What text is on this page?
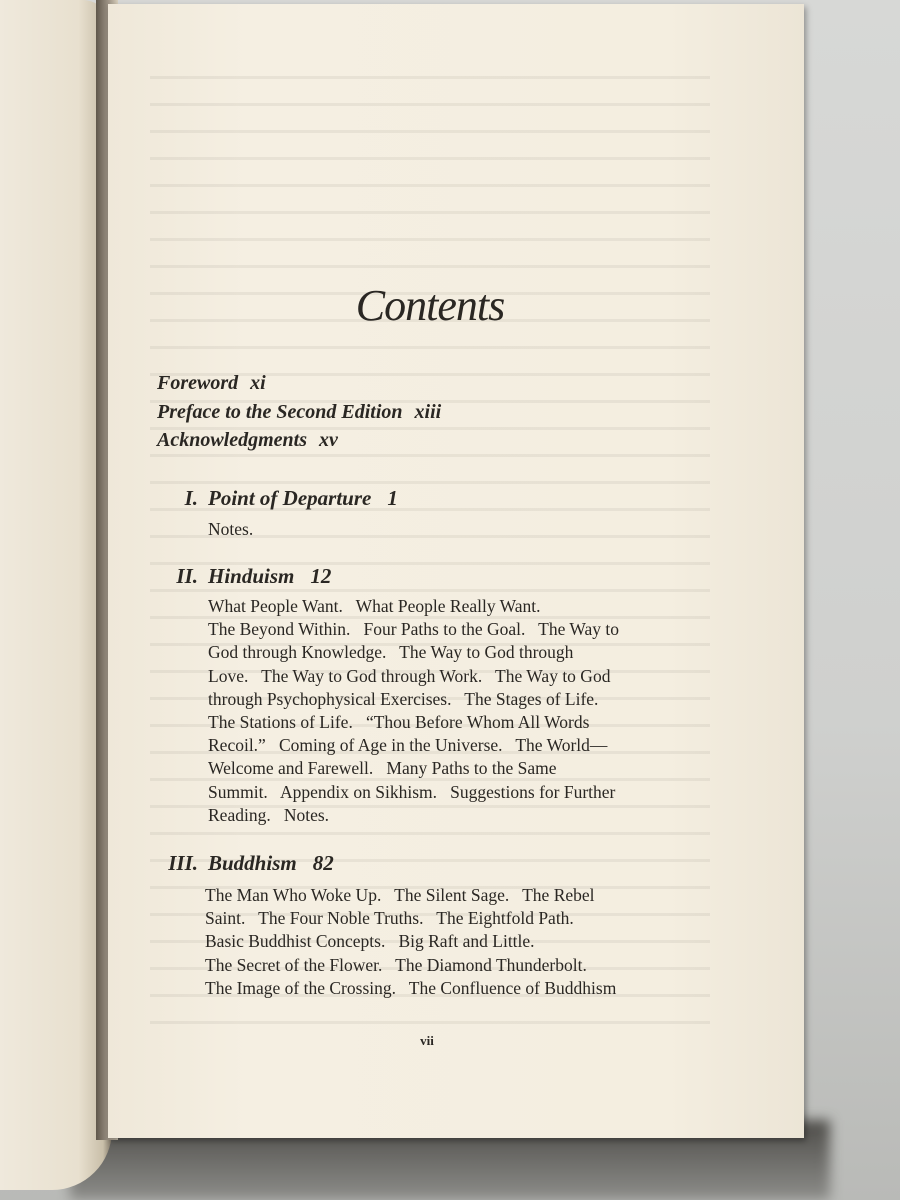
Contents
Foreword xi
Preface to the Second Edition xiii
Acknowledgments xv
I. Point of Departure 1
Notes.
II. Hinduism 12
What People Want.   What People Really Want.
The Beyond Within.   Four Paths to the Goal.   The Way to
God through Knowledge.   The Way to God through
Love.   The Way to God through Work.   The Way to God
through Psychophysical Exercises.   The Stages of Life.
The Stations of Life.   “Thou Before Whom All Words
Recoil.”   Coming of Age in the Universe.   The World—
Welcome and Farewell.   Many Paths to the Same
Summit.   Appendix on Sikhism.   Suggestions for Further
Reading.   Notes.
III. Buddhism 82
The Man Who Woke Up.   The Silent Sage.   The Rebel
Saint.   The Four Noble Truths.   The Eightfold Path.
Basic Buddhist Concepts.   Big Raft and Little.
The Secret of the Flower.   The Diamond Thunderbolt.
The Image of the Crossing.   The Confluence of Buddhism
vii
